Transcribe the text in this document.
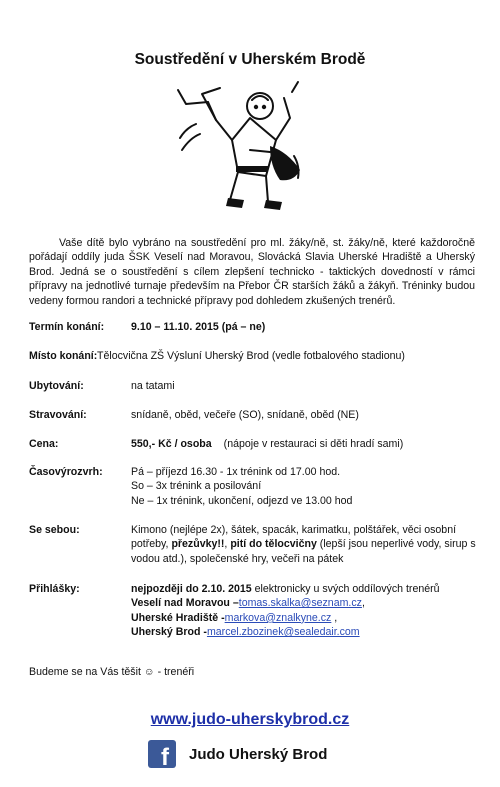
Soustředění v Uherském Brodě
Vaše dítě bylo vybráno na soustředění pro ml. žáky/ně, st. žáky/ně, které každoročně pořádají oddíly juda ŠSK Veselí nad Moravou, Slovácká Slavia Uherské Hradiště a Uherský Brod. Jedná se o soustředění s cílem zlepšení technicko - taktických dovedností v rámci přípravy na jednotlivé turnaje především na Přebor ČR starších žáků a žákyň. Tréninky budou vedeny formou randori a technické přípravy pod dohledem zkušených trenérů.
Termín konání:	9.10 – 11.10. 2015 (pá – ne)
Místo konání: Tělocvična ZŠ Výsluní Uherský Brod (vedle fotbalového stadionu)
Ubytování:	na tatami
Stravování:	snídaně, oběd, večeře (SO), snídaně, oběd (NE)
Cena:	550,- Kč / osoba (nápoje v restauraci si děti hradí sami)
Časovýrozvrh:	Pá – příjezd 16.30 - 1x trénink od 17.00 hod.
So – 3x trénink a posilování
Ne – 1x trénink, ukončení, odjezd ve 13.00 hod
Se sebou:	Kimono (nejlépe 2x), šátek, spacák, karimatku, polštářek, věci osobní potřeby, přezůvky!!, pití do tělocvičny (lepší jsou neperlivé vody, sirup s vodou atd.), společenské hry, večeři na pátek
Přihlášky:	nejpozději do 2.10. 2015 elektronicky u svých oddílových trenérů
Veselí nad Moravou –tomas.skalka@seznam.cz,
Uherské Hradiště -markova@znalkyne.cz ,
Uherský Brod -marcel.zbozinek@sealedair.com
Budeme se na Vás těšit ☺ - trenéři
www.judo-uherskybrod.cz
f Judo Uherský Brod
